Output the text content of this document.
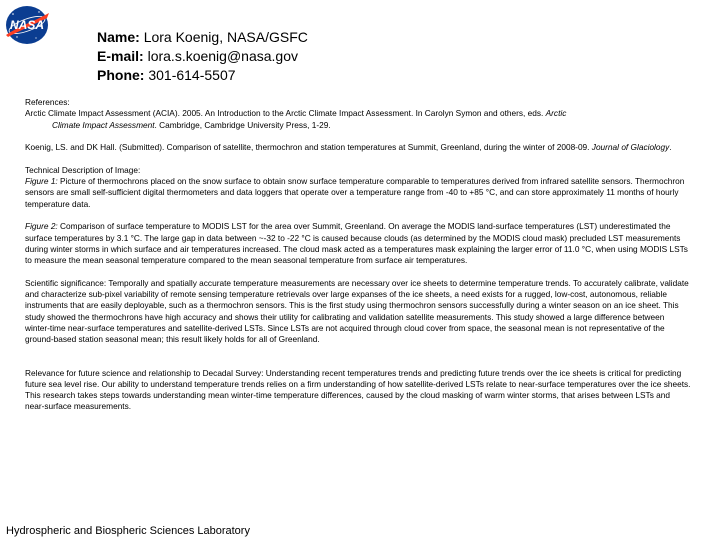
NASA
Name: Lora Koenig, NASA/GSFC
E-mail: lora.s.koenig@nasa.gov
Phone: 301-614-5507

References:

Arctic Climate Impact Assessment (ACIA). 2005. An Introduction to the Arctic Climate Impact Assessment. In Carolyn Symon and others, eds. Arctic
Climate Impact Assessment. Cambridge, Cambridge University Press, 1-29.

Koenig, LS. and DK Hall. (Submitted). Comparison of satellite, thermochron and station temperatures at Summit, Greenland, during the winter of 2008-09. Journal of Glaciology.

Technical Description of Image:

Figure 1: Picture of thermochrons placed on the snow surface to obtain snow surface temperature comparable to temperatures derived from infrared satellite sensors. Thermochron sensors are small self-sufficient digital thermometers and data loggers that operate over a temperature range from -40 to +85 °C, and can store approximately 11 months of hourly temperature data.

Figure 2: Comparison of surface temperature to MODIS LST for the area over Summit, Greenland. On average the MODIS land-surface temperatures (LST) underestimated the surface temperatures by 3.1 °C. The large gap in data between ~-32 to -22 °C is caused because clouds (as determined by the MODIS cloud mask) precluded LST measurements during winter storms in which surface and air temperatures increased. The cloud mask acted as a temperatures mask explaining the larger error of 11.0 °C, when using MODIS LSTs to measure the mean seasonal temperature compared to the mean seasonal temperature from surface air temperatures.

Scientific significance: Temporally and spatially accurate temperature measurements are necessary over ice sheets to determine temperature trends. To accurately calibrate, validate and characterize sub-pixel variability of remote sensing temperature retrievals over large expanses of the ice sheets, a need exists for a rugged, low-cost, autonomous, reliable instruments that are easily deployable, such as a thermochron sensors. This is the first study using thermochron sensors successfully during a winter season on an ice sheet. This study showed the thermochrons have high accuracy and shows their utility for calibrating and validation satellite measurements. This study showed a large difference between winter-time near-surface temperatures and satellite-derived LSTs. Since LSTs are not acquired through cloud cover from space, the seasonal mean is not representative of the ground-based station seasonal mean; this result likely holds for all of Greenland.

Relevance for future science and relationship to Decadal Survey: Understanding recent temperatures trends and predicting future trends over the ice sheets is critical for predicting future sea level rise. Our ability to understand temperature trends relies on a firm understanding of how satellite-derived LSTs relate to near-surface temperatures over the ice sheets. This research takes steps towards understanding mean winter-time temperature differences, caused by the cloud masking of warm winter storms, that arises between LSTs and near-surface measurements.

Hydrospheric and Biospheric Sciences Laboratory
